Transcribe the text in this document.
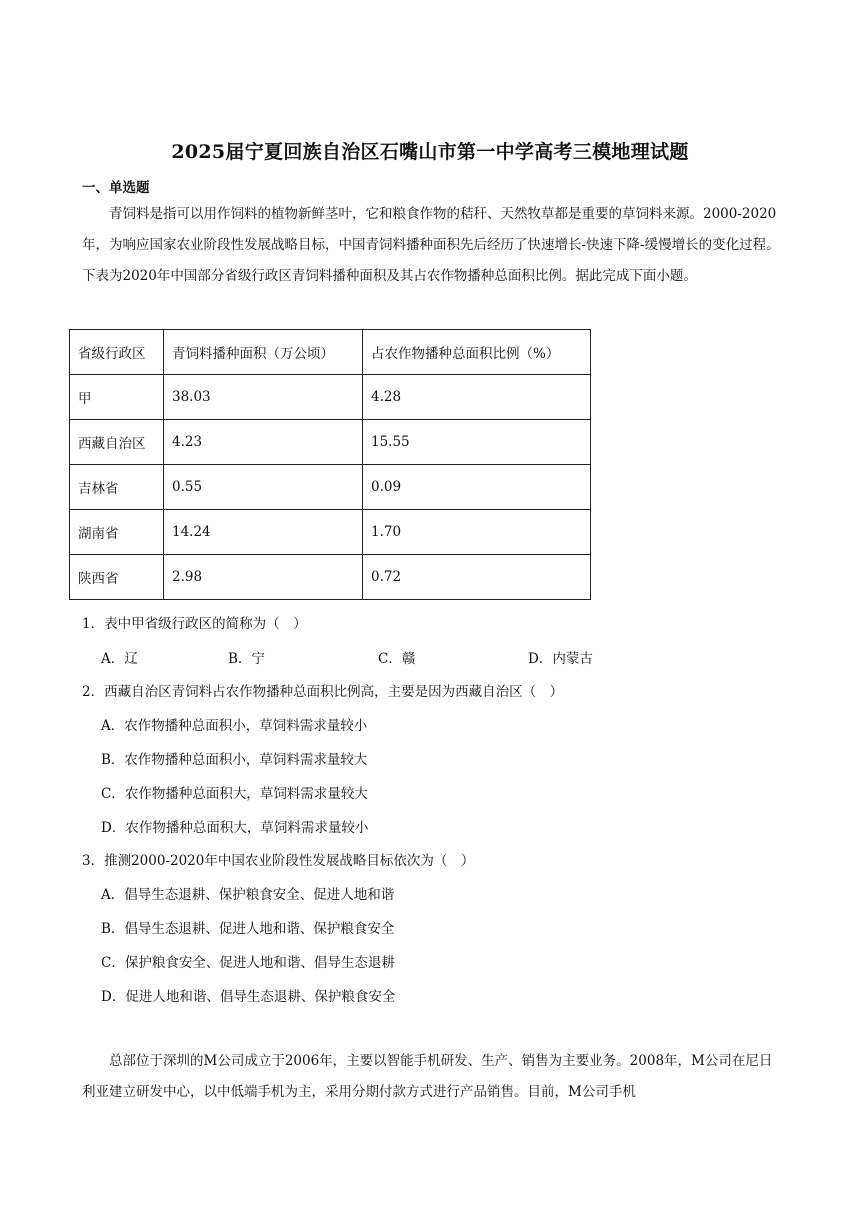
2025届宁夏回族自治区石嘴山市第一中学高考三模地理试题
一、单选题

青饲料是指可以用作饲料的植物新鲜茎叶，它和粮食作物的秸秆、天然牧草都是重要的草饲料来源。2000-2020年，为响应国家农业阶段性发展战略目标，中国青饲料播种面积先后经历了快速增长-快速下降-缓慢增长的变化过程。下表为2020年中国部分省级行政区青饲料播种面积及其占农作物播种总面积比例。据此完成下面小题。

省级行政区	青饲料播种面积（万公顷）	占农作物播种总面积比例（%）
甲	38.03	4.28
西藏自治区	4.23	15.55
吉林省	0.55	0.09
湖南省	14.24	1.70
陕西省	2.98	0.72
1．表中甲省级行政区的简称为（　）
A．辽	B．宁	C．赣	D．内蒙古
2．西藏自治区青饲料占农作物播种总面积比例高，主要是因为西藏自治区（　）
A．农作物播种总面积小，草饲料需求量较小
B．农作物播种总面积小，草饲料需求量较大
C．农作物播种总面积大，草饲料需求量较大
D．农作物播种总面积大，草饲料需求量较小
3．推测2000-2020年中国农业阶段性发展战略目标依次为（　）
A．倡导生态退耕、保护粮食安全、促进人地和谐
B．倡导生态退耕、促进人地和谐、保护粮食安全
C．保护粮食安全、促进人地和谐、倡导生态退耕
D．促进人地和谐、倡导生态退耕、保护粮食安全

总部位于深圳的M公司成立于2006年，主要以智能手机研发、生产、销售为主要业务。2008年，M公司在尼日利亚建立研发中心，以中低端手机为主，采用分期付款方式进行产品销售。目前，M公司手机
